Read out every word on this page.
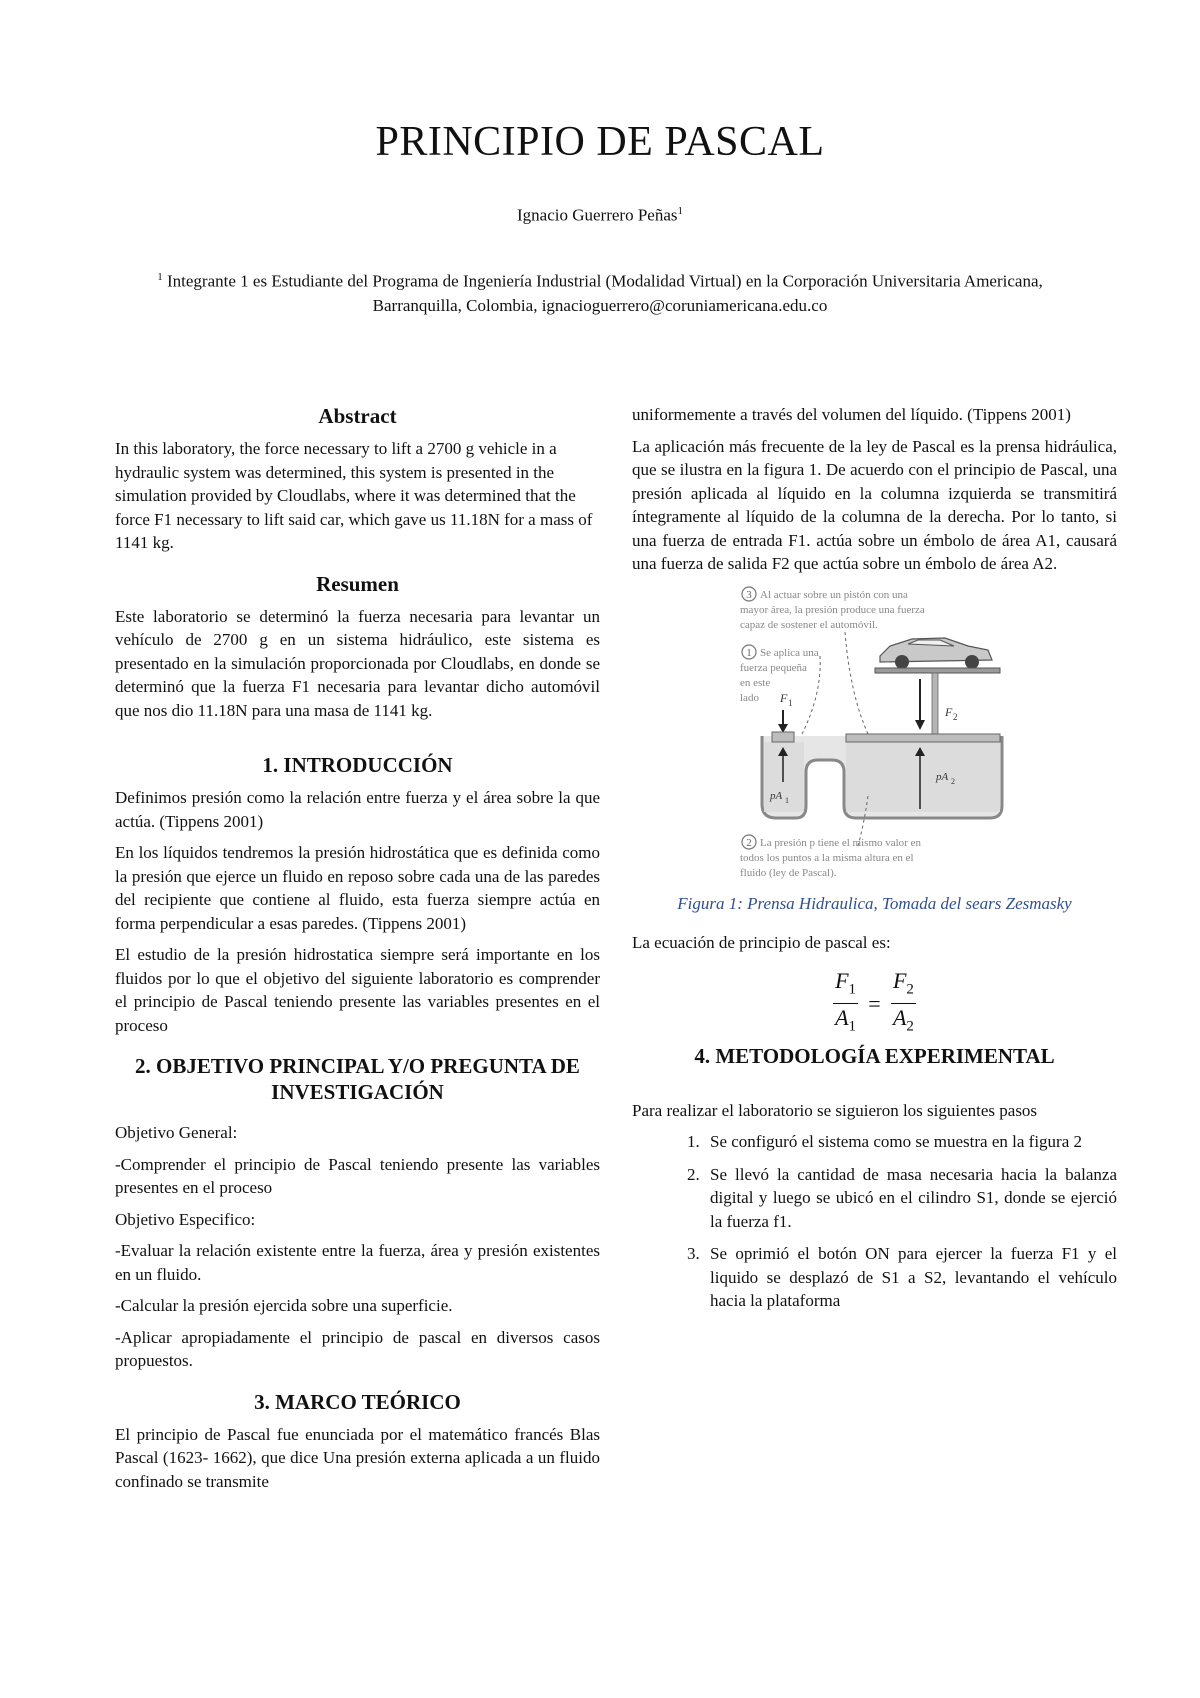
PRINCIPIO DE PASCAL
Ignacio Guerrero Peñas$^1$
$^1$ Integrante 1 es Estudiante del Programa de Ingeniería Industrial (Modalidad Virtual) en la Corporación Universitaria Americana, Barranquilla, Colombia, ignacioguerrero@coruniamericana.edu.co
Abstract

In this laboratory, the force necessary to lift a 2700 g vehicle in a hydraulic system was determined, this system is presented in the simulation provided by Cloudlabs, where it was determined that the force F1 necessary to lift said car, which gave us 11.18N for a mass of 1141 kg.

Resumen

Este laboratorio se determinó la fuerza necesaria para levantar un vehículo de 2700 g en un sistema hidráulico, este sistema es presentado en la simulación proporcionada por Cloudlabs, en donde se determinó que la fuerza F1 necesaria para levantar dicho automóvil que nos dio 11.18N para una masa de 1141 kg.

1. INTRODUCCIÓN

Definimos presión como la relación entre fuerza y el área sobre la que actúa. (Tippens 2001)

En los líquidos tendremos la presión hidrostática que es definida como la presión que ejerce un fluido en reposo sobre cada una de las paredes del recipiente que contiene al fluido, esta fuerza siempre actúa en forma perpendicular a esas paredes. (Tippens 2001)

El estudio de la presión hidrostatica siempre será importante en los fluidos por lo que el objetivo del siguiente laboratorio es comprender el principio de Pascal teniendo presente las variables presentes en el proceso

2. OBJETIVO PRINCIPAL Y/O PREGUNTA DE INVESTIGACIÓN

Objetivo General:

-Comprender el principio de Pascal teniendo presente las variables presentes en el proceso

Objetivo Especifico:

-Evaluar la relación existente entre la fuerza, área y presión existentes en un fluido.

-Calcular la presión ejercida sobre una superficie.

-Aplicar apropiadamente el principio de pascal en diversos casos propuestos.

3. MARCO TEÓRICO

El principio de Pascal fue enunciada por el matemático francés Blas Pascal (1623- 1662), que dice Una presión externa aplicada a un fluido confinado se transmite

uniformemente a través del volumen del líquido. (Tippens 2001)

La aplicación más frecuente de la ley de Pascal es la prensa hidráulica, que se ilustra en la figura 1. De acuerdo con el principio de Pascal, una presión aplicada al líquido en la columna izquierda se transmitirá íntegramente al líquido de la columna de la derecha. Por lo tanto, si una fuerza de entrada F1. actúa sobre un émbolo de área A1, causará una fuerza de salida F2 que actúa sobre un émbolo de área A2.

3 Al actuar sobre un pistón con una
mayor área, la presión produce una fuerza
capaz de sostener el automóvil.
1 Se aplica una
fuerza pequeña
en este
lado F 1
F 2
pA 1
pA 2
2 La presión p tiene el mismo valor en
todos los puntos a la misma altura en el
fluido (ley de Pascal).
Figura 1: Prensa Hidraulica, Tomada del sears Zesmasky

La ecuación de principio de pascal es:

$\frac{F_1}{A_1} = \frac{F_2}{A_2}$
4. METODOLOGÍA EXPERIMENTAL

Para realizar el laboratorio se siguieron los siguientes pasos

1. Se configuró el sistema como se muestra en la figura 2
2. Se llevó la cantidad de masa necesaria hacia la balanza digital y luego se ubicó en el cilindro S1, donde se ejerció la fuerza f1.
3. Se oprimió el botón ON para ejercer la fuerza F1 y el liquido se desplazó de S1 a S2, levantando el vehículo hacia la plataforma
